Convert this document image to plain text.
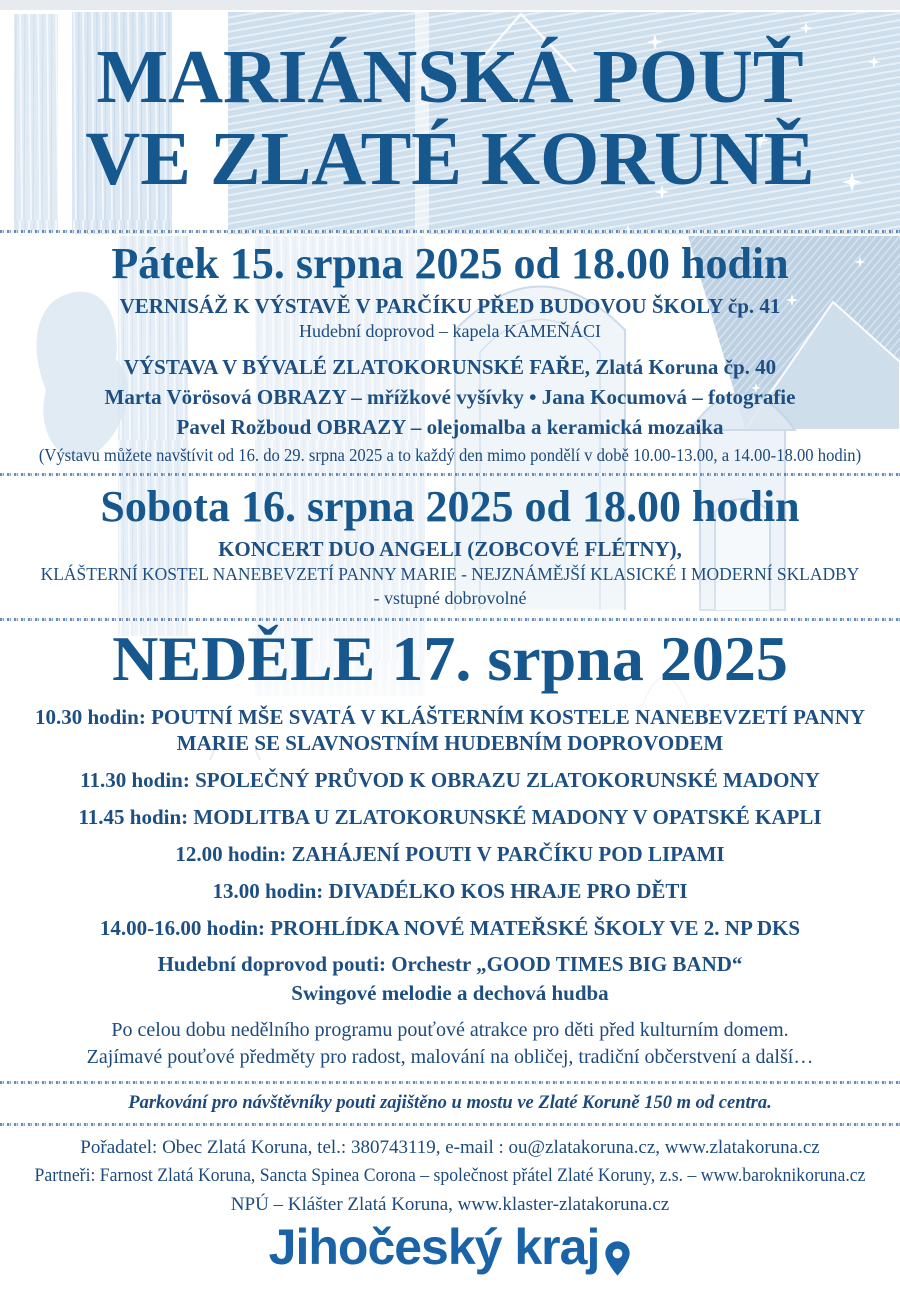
MARIÁNSKÁ POUŤ
VE ZLATÉ KORUNĚ
Pátek 15. srpna 2025 od 18.00 hodin

VERNISÁŽ K VÝSTAVĚ V PARČÍKU PŘED BUDOVOU ŠKOLY čp. 41

Hudební doprovod – kapela KAMEŇÁCI

VÝSTAVA V BÝVALÉ ZLATOKORUNSKÉ FAŘE, Zlatá Koruna čp. 40

Marta Vörösová OBRAZY – mřížkové vyšívky • Jana Kocumová – fotografie

Pavel Rožboud OBRAZY – olejomalba a keramická mozaika

(Výstavu můžete navštívit od 16. do 29. srpna 2025 a to každý den mimo pondělí v době 10.00-13.00, a 14.00-18.00 hodin)

Sobota 16. srpna 2025 od 18.00 hodin

KONCERT DUO ANGELI (ZOBCOVÉ FLÉTNY),

KLÁŠTERNÍ KOSTEL NANEBEVZETÍ PANNY MARIE - NEJZNÁMĚJŠÍ KLASICKÉ I MODERNÍ SKLADBY

- vstupné dobrovolné

NEDĚLE 17. srpna 2025

10.30 hodin: POUTNÍ MŠE SVATÁ V KLÁŠTERNÍM KOSTELE NANEBEVZETÍ PANNY MARIE SE SLAVNOSTNÍM HUDEBNÍM DOPROVODEM

11.30 hodin: SPOLEČNÝ PRŮVOD K OBRAZU ZLATOKORUNSKÉ MADONY

11.45 hodin: MODLITBA U ZLATOKORUNSKÉ MADONY V OPATSKÉ KAPLI

12.00 hodin: ZAHÁJENÍ POUTI V PARČÍKU POD LIPAMI

13.00 hodin: DIVADÉLKO KOS HRAJE PRO DĚTI

14.00-16.00 hodin: PROHLÍDKA NOVÉ MATEŘSKÉ ŠKOLY VE 2. NP DKS

Hudební doprovod pouti: Orchestr „GOOD TIMES BIG BAND“

Swingové melodie a dechová hudba

Po celou dobu nedělního programu pouťové atrakce pro děti před kulturním domem.

Zajímavé pouťové předměty pro radost, malování na obličej, tradiční občerstvení a další…

Parkování pro návštěvníky pouti zajištěno u mostu ve Zlaté Koruně 150 m od centra.

Pořadatel: Obec Zlatá Koruna, tel.: 380743119, e-mail : ou@zlatakoruna.cz, www.zlatakoruna.cz

Partneři: Farnost Zlatá Koruna, Sancta Spinea Corona – společnost přátel Zlaté Koruny, z.s. – www.baroknikoruna.cz

NPÚ – Klášter Zlatá Koruna, www.klaster-zlatakoruna.cz

Jihočeský kraj
